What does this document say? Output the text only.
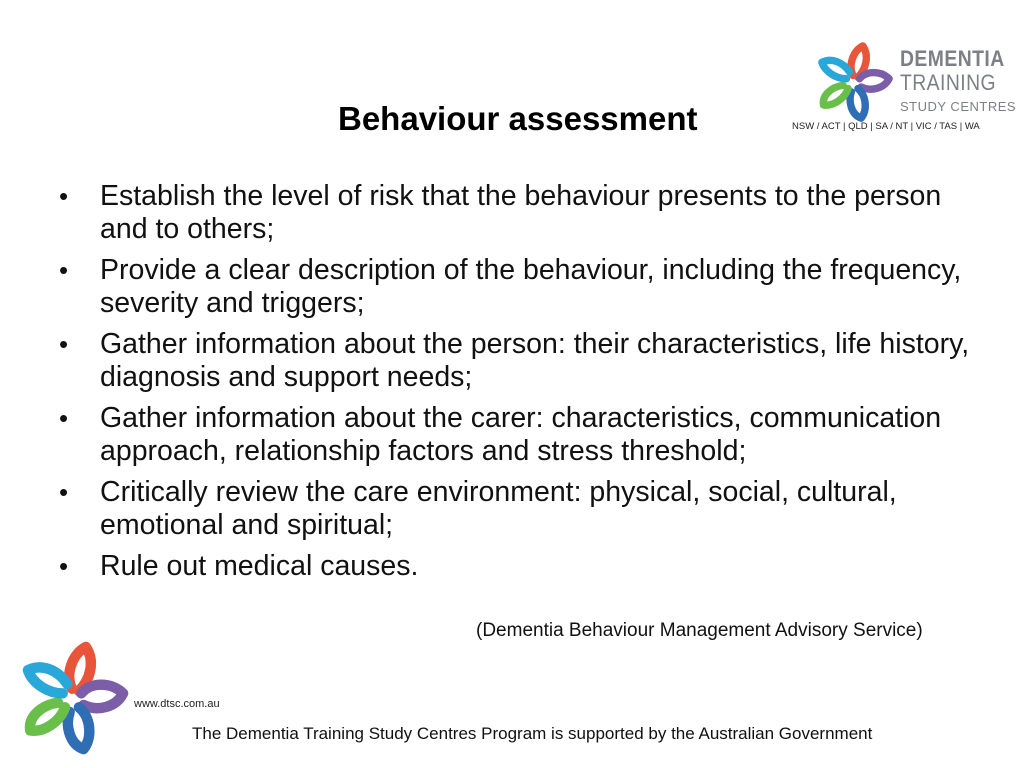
DEMENTIA
TRAINING
STUDY CENTRES
NSW / ACT | QLD | SA / NT | VIC / TAS | WA
Behaviour assessment
• Establish the level of risk that the behaviour presents to the person and to others;
• Provide a clear description of the behaviour, including the frequency, severity and triggers;
• Gather information about the person: their characteristics, life history, diagnosis and support needs;
• Gather information about the carer: characteristics, communication approach, relationship factors and stress threshold;
• Critically review the care environment: physical, social, cultural, emotional and spiritual;
• Rule out medical causes.
(Dementia Behaviour Management Advisory Service)
www.dtsc.com.au
The Dementia Training Study Centres Program is supported by the Australian Government
